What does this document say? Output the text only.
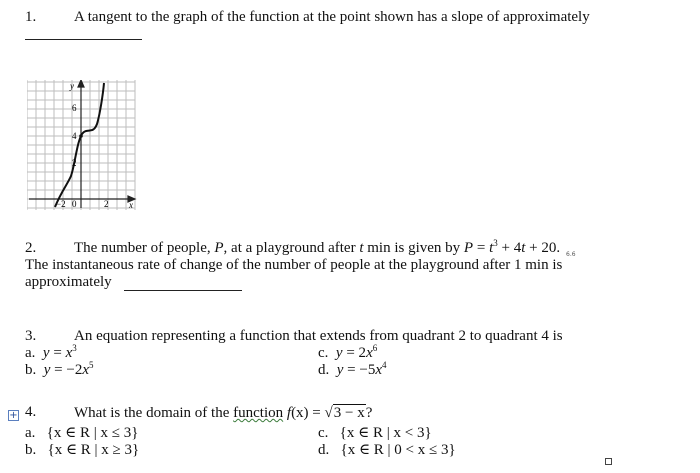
1.	A tangent to the graph of the function at the point shown has a slope of approximately
y
x
6
4
2
−2 0	2
2.	The number of people, P, at a playground after t min is given by $P = t^3 + 4t + 20$. 6.6
The instantaneous rate of change of the number of people at the playground after 1 min is
approximately
3.	An equation representing a function that extends from quadrant 2 to quadrant 4 is
a. $y = x^3$
b. $y = -2x^5$
c. $y = 2x^6$
d. $y = -5x^4$
+ 4.	What is the domain of the function f(x) = √3 − x?
a. {x ∈ R | x ≤ 3}
b. {x ∈ R | x ≥ 3}
c. {x ∈ R | x < 3}
d. {x ∈ R | 0 < x ≤ 3}
